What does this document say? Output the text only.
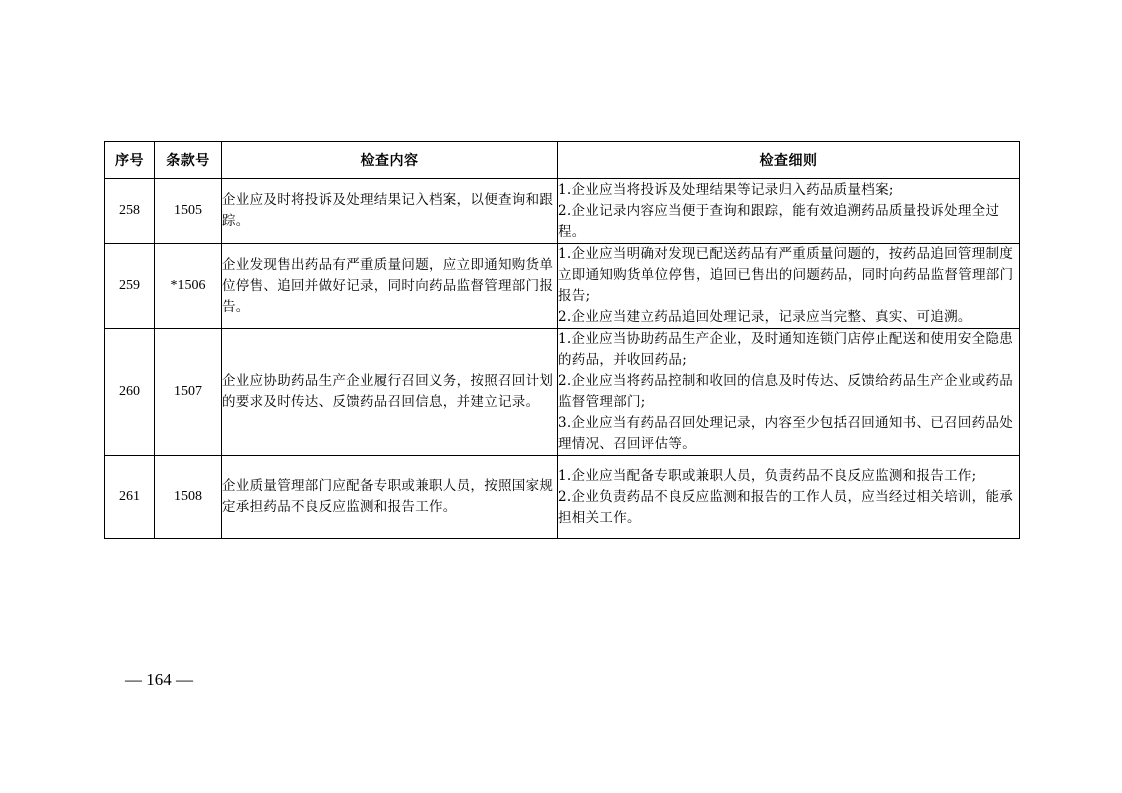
序号	条款号	检查内容	检查细则
258	1505	企业应及时将投诉及处理结果记入档案，以便查询和跟踪。	1.企业应当将投诉及处理结果等记录归入药品质量档案;
2.企业记录内容应当便于查询和跟踪，能有效追溯药品质量投诉处理全过程。

259	*1506	企业发现售出药品有严重质量问题，应立即通知购货单位停售、追回并做好记录，同时向药品监督管理部门报告。	1.企业应当明确对发现已配送药品有严重质量问题的，按药品追回管理制度立即通知购货单位停售，追回已售出的问题药品，同时向药品监督管理部门报告;
2.企业应当建立药品追回处理记录，记录应当完整、真实、可追溯。

260	1507	企业应协助药品生产企业履行召回义务，按照召回计划的要求及时传达、反馈药品召回信息，并建立记录。	1.企业应当协助药品生产企业，及时通知连锁门店停止配送和使用安全隐患的药品，并收回药品;
2.企业应当将药品控制和收回的信息及时传达、反馈给药品生产企业或药品监督管理部门;
3.企业应当有药品召回处理记录，内容至少包括召回通知书、已召回药品处理情况、召回评估等。

261	1508	企业质量管理部门应配备专职或兼职人员，按照国家规定承担药品不良反应监测和报告工作。	1.企业应当配备专职或兼职人员，负责药品不良反应监测和报告工作;
2.企业负责药品不良反应监测和报告的工作人员，应当经过相关培训，能承担相关工作。
— 164 —
